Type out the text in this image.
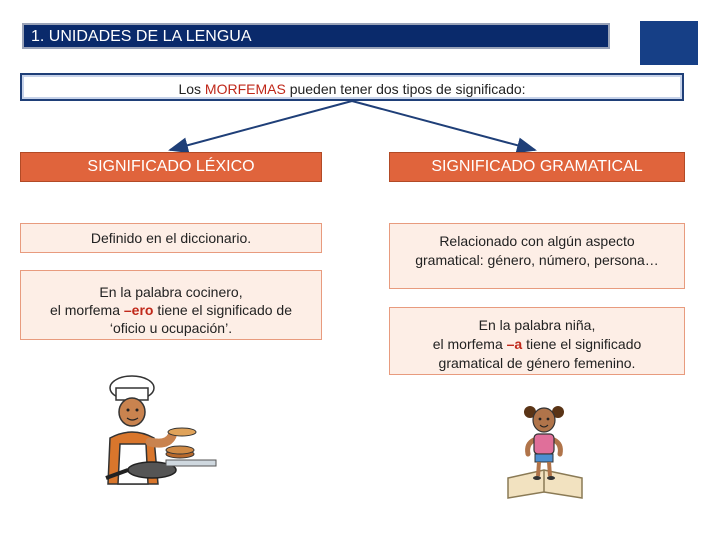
1. UNIDADES DE LA LENGUA
Los MORFEMAS pueden tener dos tipos de significado:
SIGNIFICADO LÉXICO	SIGNIFICADO GRAMATICAL
Definido en el diccionario.	Relacionado con algún aspecto
gramatical: género, número, persona…
En la palabra cocinero,
el morfema –ero tiene el significado de
‘oficio u ocupación’.	En la palabra niña,
el morfema –a tiene el significado
gramatical de género femenino.
